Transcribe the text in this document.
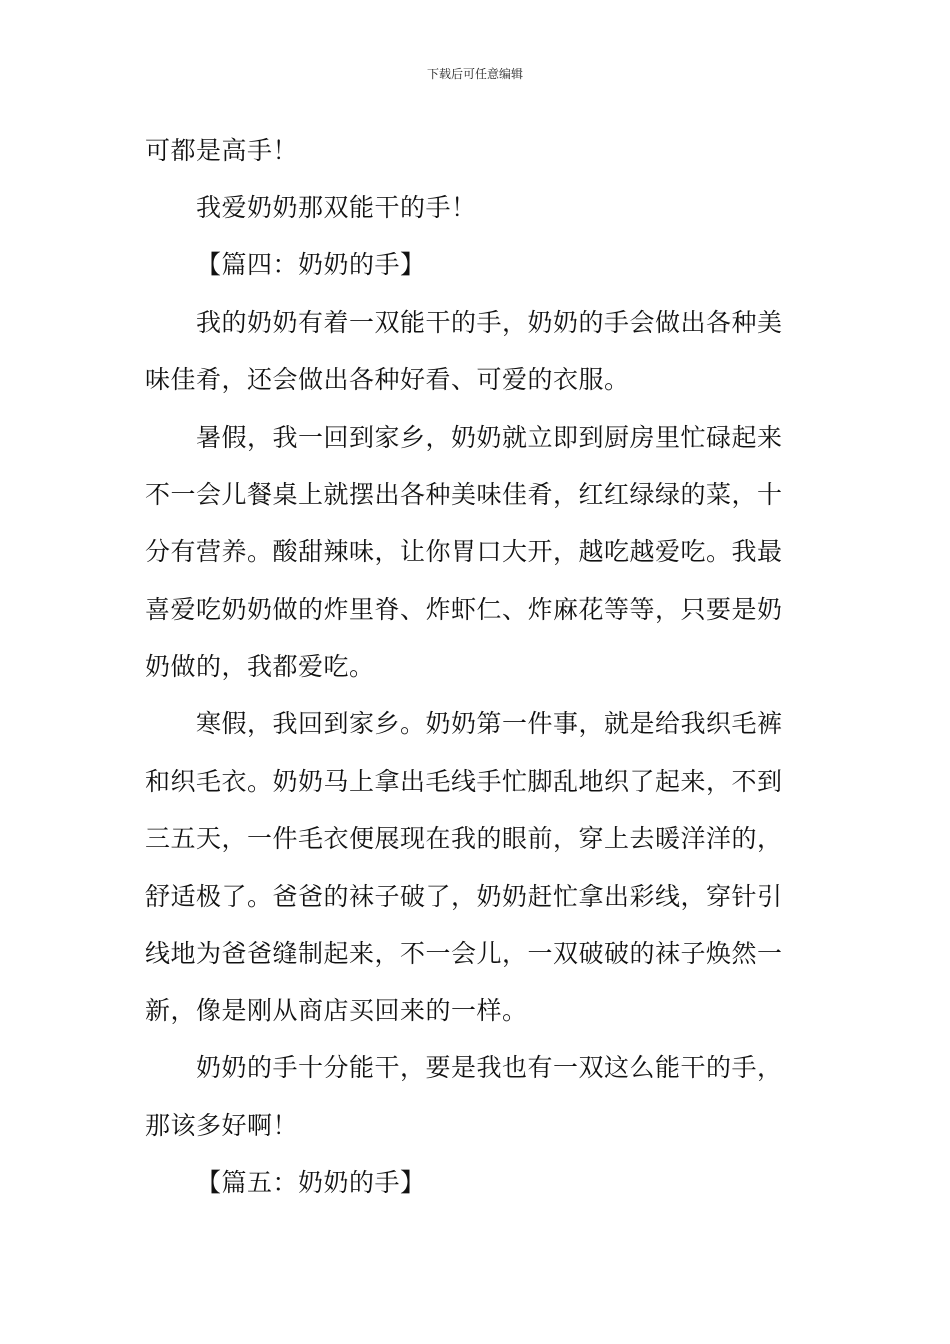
下载后可任意编辑
可都是高手！
我爱奶奶那双能干的手！
【篇四：奶奶的手】
我的奶奶有着一双能干的手，奶奶的手会做出各种美
味佳肴，还会做出各种好看、可爱的衣服。
暑假，我一回到家乡，奶奶就立即到厨房里忙碌起来
不一会儿餐桌上就摆出各种美味佳肴，红红绿绿的菜，十
分有营养。酸甜辣味，让你胃口大开，越吃越爱吃。我最
喜爱吃奶奶做的炸里脊、炸虾仁、炸麻花等等，只要是奶
奶做的，我都爱吃。
寒假，我回到家乡。奶奶第一件事，就是给我织毛裤
和织毛衣。奶奶马上拿出毛线手忙脚乱地织了起来，不到
三五天，一件毛衣便展现在我的眼前，穿上去暖洋洋的，
舒适极了。爸爸的袜子破了，奶奶赶忙拿出彩线，穿针引
线地为爸爸缝制起来，不一会儿，一双破破的袜子焕然一
新，像是刚从商店买回来的一样。
奶奶的手十分能干，要是我也有一双这么能干的手，
那该多好啊！
【篇五：奶奶的手】
